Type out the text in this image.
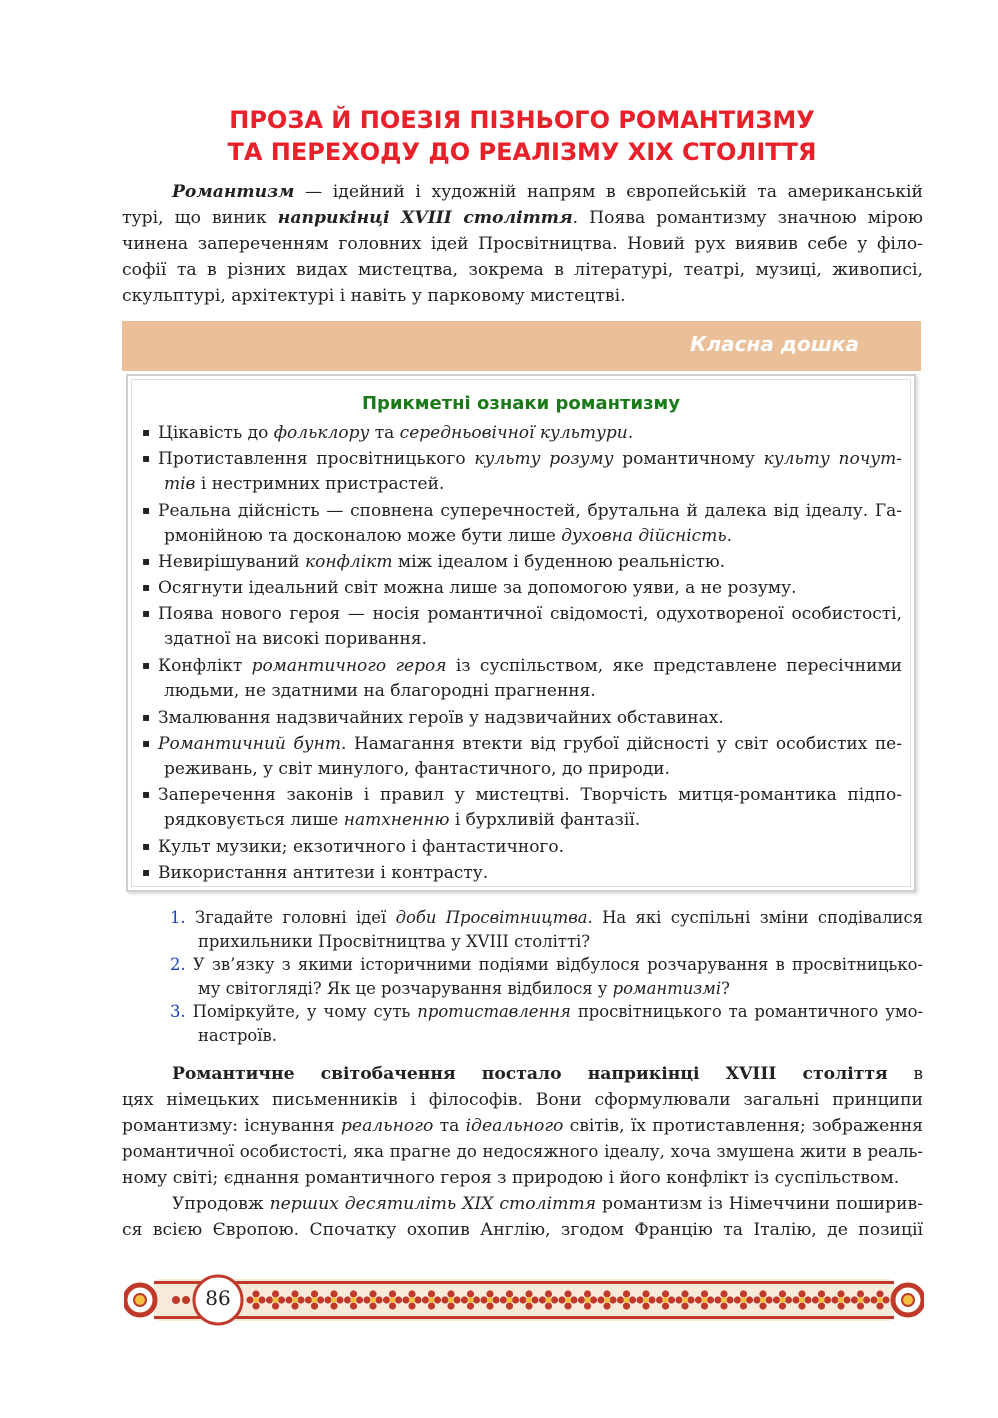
ПРОЗА Й ПОЕЗІЯ ПІЗНЬОГО РОМАНТИЗМУ
ТА ПЕРЕХОДУ ДО РЕАЛІЗМУ XIX СТОЛІТТЯ
Романтизм — ідейний і художній напрям в європейській та американській
турі, що виник наприкінці XVIII століття. Поява романтизму значною мірою
чинена запереченням головних ідей Просвітництва. Новий рух виявив себе у філо-
софії та в різних видах мистецтва, зокрема в літературі, театрі, музиці, живописі,
скульптурі, архітектурі і навіть у парковому мистецтві.
Класна дошка
Прикметні ознаки романтизму
▪ Цікавість до фольклору та середньовічної культури.
▪ Протиставлення просвітницького культу розуму романтичному культу почут-
тів і нестримних пристрастей.
▪ Реальна дійсність — сповнена суперечностей, брутальна й далека від ідеалу. Га-
рмонійною та досконалою може бути лише духовна дійсність.
▪ Невирішуваний конфлікт між ідеалом і буденною реальністю.
▪ Осягнути ідеальний світ можна лише за допомогою уяви, а не розуму.
▪ Поява нового героя — носія романтичної свідомості, одухотвореної особистості,
здатної на високі поривання.
▪ Конфлікт романтичного героя із суспільством, яке представлене пересічними
людьми, не здатними на благородні прагнення.
▪ Змалювання надзвичайних героїв у надзвичайних обставинах.
▪ Романтичний бунт. Намагання втекти від грубої дійсності у світ особистих пе-
реживань, у світ минулого, фантастичного, до природи.
▪ Заперечення законів і правил у мистецтві. Творчість митця-романтика підпо-
рядковується лише натхненню і бурхливій фантазії.
▪ Культ музики; екзотичного і фантастичного.
▪ Використання антитези і контрасту.
1. Згадайте головні ідеї доби Просвітництва. На які суспільні зміни сподівалися
прихильники Просвітництва у XVIII столітті?
2. У зв’язку з якими історичними подіями відбулося розчарування в просвітницько-
му світогляді? Як це розчарування відбилося у романтизмі?
3. Поміркуйте, у чому суть протиставлення просвітницького та романтичного умо-
настроїв.
Романтичне світобачення постало наприкінці XVIII століття в
цях німецьких письменників і філософів. Вони сформулювали загальні принципи
романтизму: існування реального та ідеального світів, їх протиставлення; зображення
романтичної особистості, яка прагне до недосяжного ідеалу, хоча змушена жити в реаль-
ному світі; єднання романтичного героя з природою і його конфлікт із суспільством.
Упродовж перших десятиліть XIX століття романтизм із Німеччини поширив-
ся всією Європою. Спочатку охопив Англію, згодом Францію та Італію, де позиції
86
